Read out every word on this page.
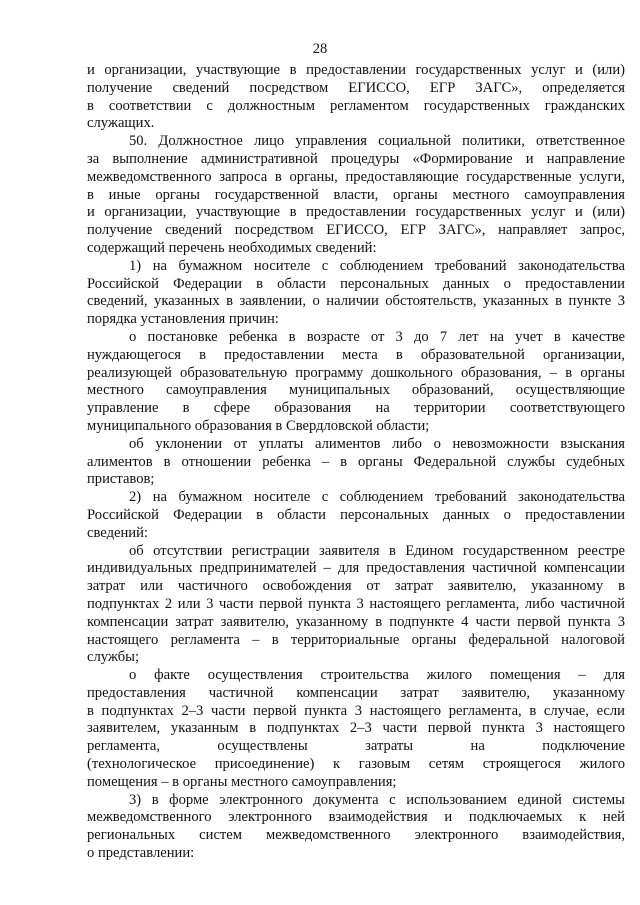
28
и организации, участвующие в предоставлении государственных услуг и (или)
получение сведений посредством ЕГИССО, ЕГР ЗАГС», определяется
в соответствии с должностным регламентом государственных гражданских
служащих.
50. Должностное лицо управления социальной политики, ответственное
за выполнение административной процедуры «Формирование и направление
межведомственного запроса в органы, предоставляющие государственные услуги,
в иные органы государственной власти, органы местного самоуправления
и организации, участвующие в предоставлении государственных услуг и (или)
получение сведений посредством ЕГИССО, ЕГР ЗАГС», направляет запрос,
содержащий перечень необходимых сведений:
1) на бумажном носителе с соблюдением требований законодательства
Российской Федерации в области персональных данных о предоставлении
сведений, указанных в заявлении, о наличии обстоятельств, указанных в пункте 3
порядка установления причин:
о постановке ребенка в возрасте от 3 до 7 лет на учет в качестве
нуждающегося в предоставлении места в образовательной организации,
реализующей образовательную программу дошкольного образования, – в органы
местного самоуправления муниципальных образований, осуществляющие
управление в сфере образования на территории соответствующего
муниципального образования в Свердловской области;
об уклонении от уплаты алиментов либо о невозможности взыскания
алиментов в отношении ребенка – в органы Федеральной службы судебных
приставов;
2) на бумажном носителе с соблюдением требований законодательства
Российской Федерации в области персональных данных о предоставлении
сведений:
об отсутствии регистрации заявителя в Едином государственном реестре
индивидуальных предпринимателей – для предоставления частичной компенсации
затрат или частичного освобождения от затрат заявителю, указанному в
подпунктах 2 или 3 части первой пункта 3 настоящего регламента, либо частичной
компенсации затрат заявителю, указанному в подпункте 4 части первой пункта 3
настоящего регламента – в территориальные органы федеральной налоговой
службы;
о факте осуществления строительства жилого помещения – для
предоставления частичной компенсации затрат заявителю, указанному
в подпунктах 2–3 части первой пункта 3 настоящего регламента, в случае, если
заявителем, указанным в подпунктах 2–3 части первой пункта 3 настоящего
регламента, осуществлены затраты на подключение
(технологическое присоединение) к газовым сетям строящегося жилого
помещения – в органы местного самоуправления;
3) в форме электронного документа с использованием единой системы
межведомственного электронного взаимодействия и подключаемых к ней
региональных систем межведомственного электронного взаимодействия,
о представлении:
